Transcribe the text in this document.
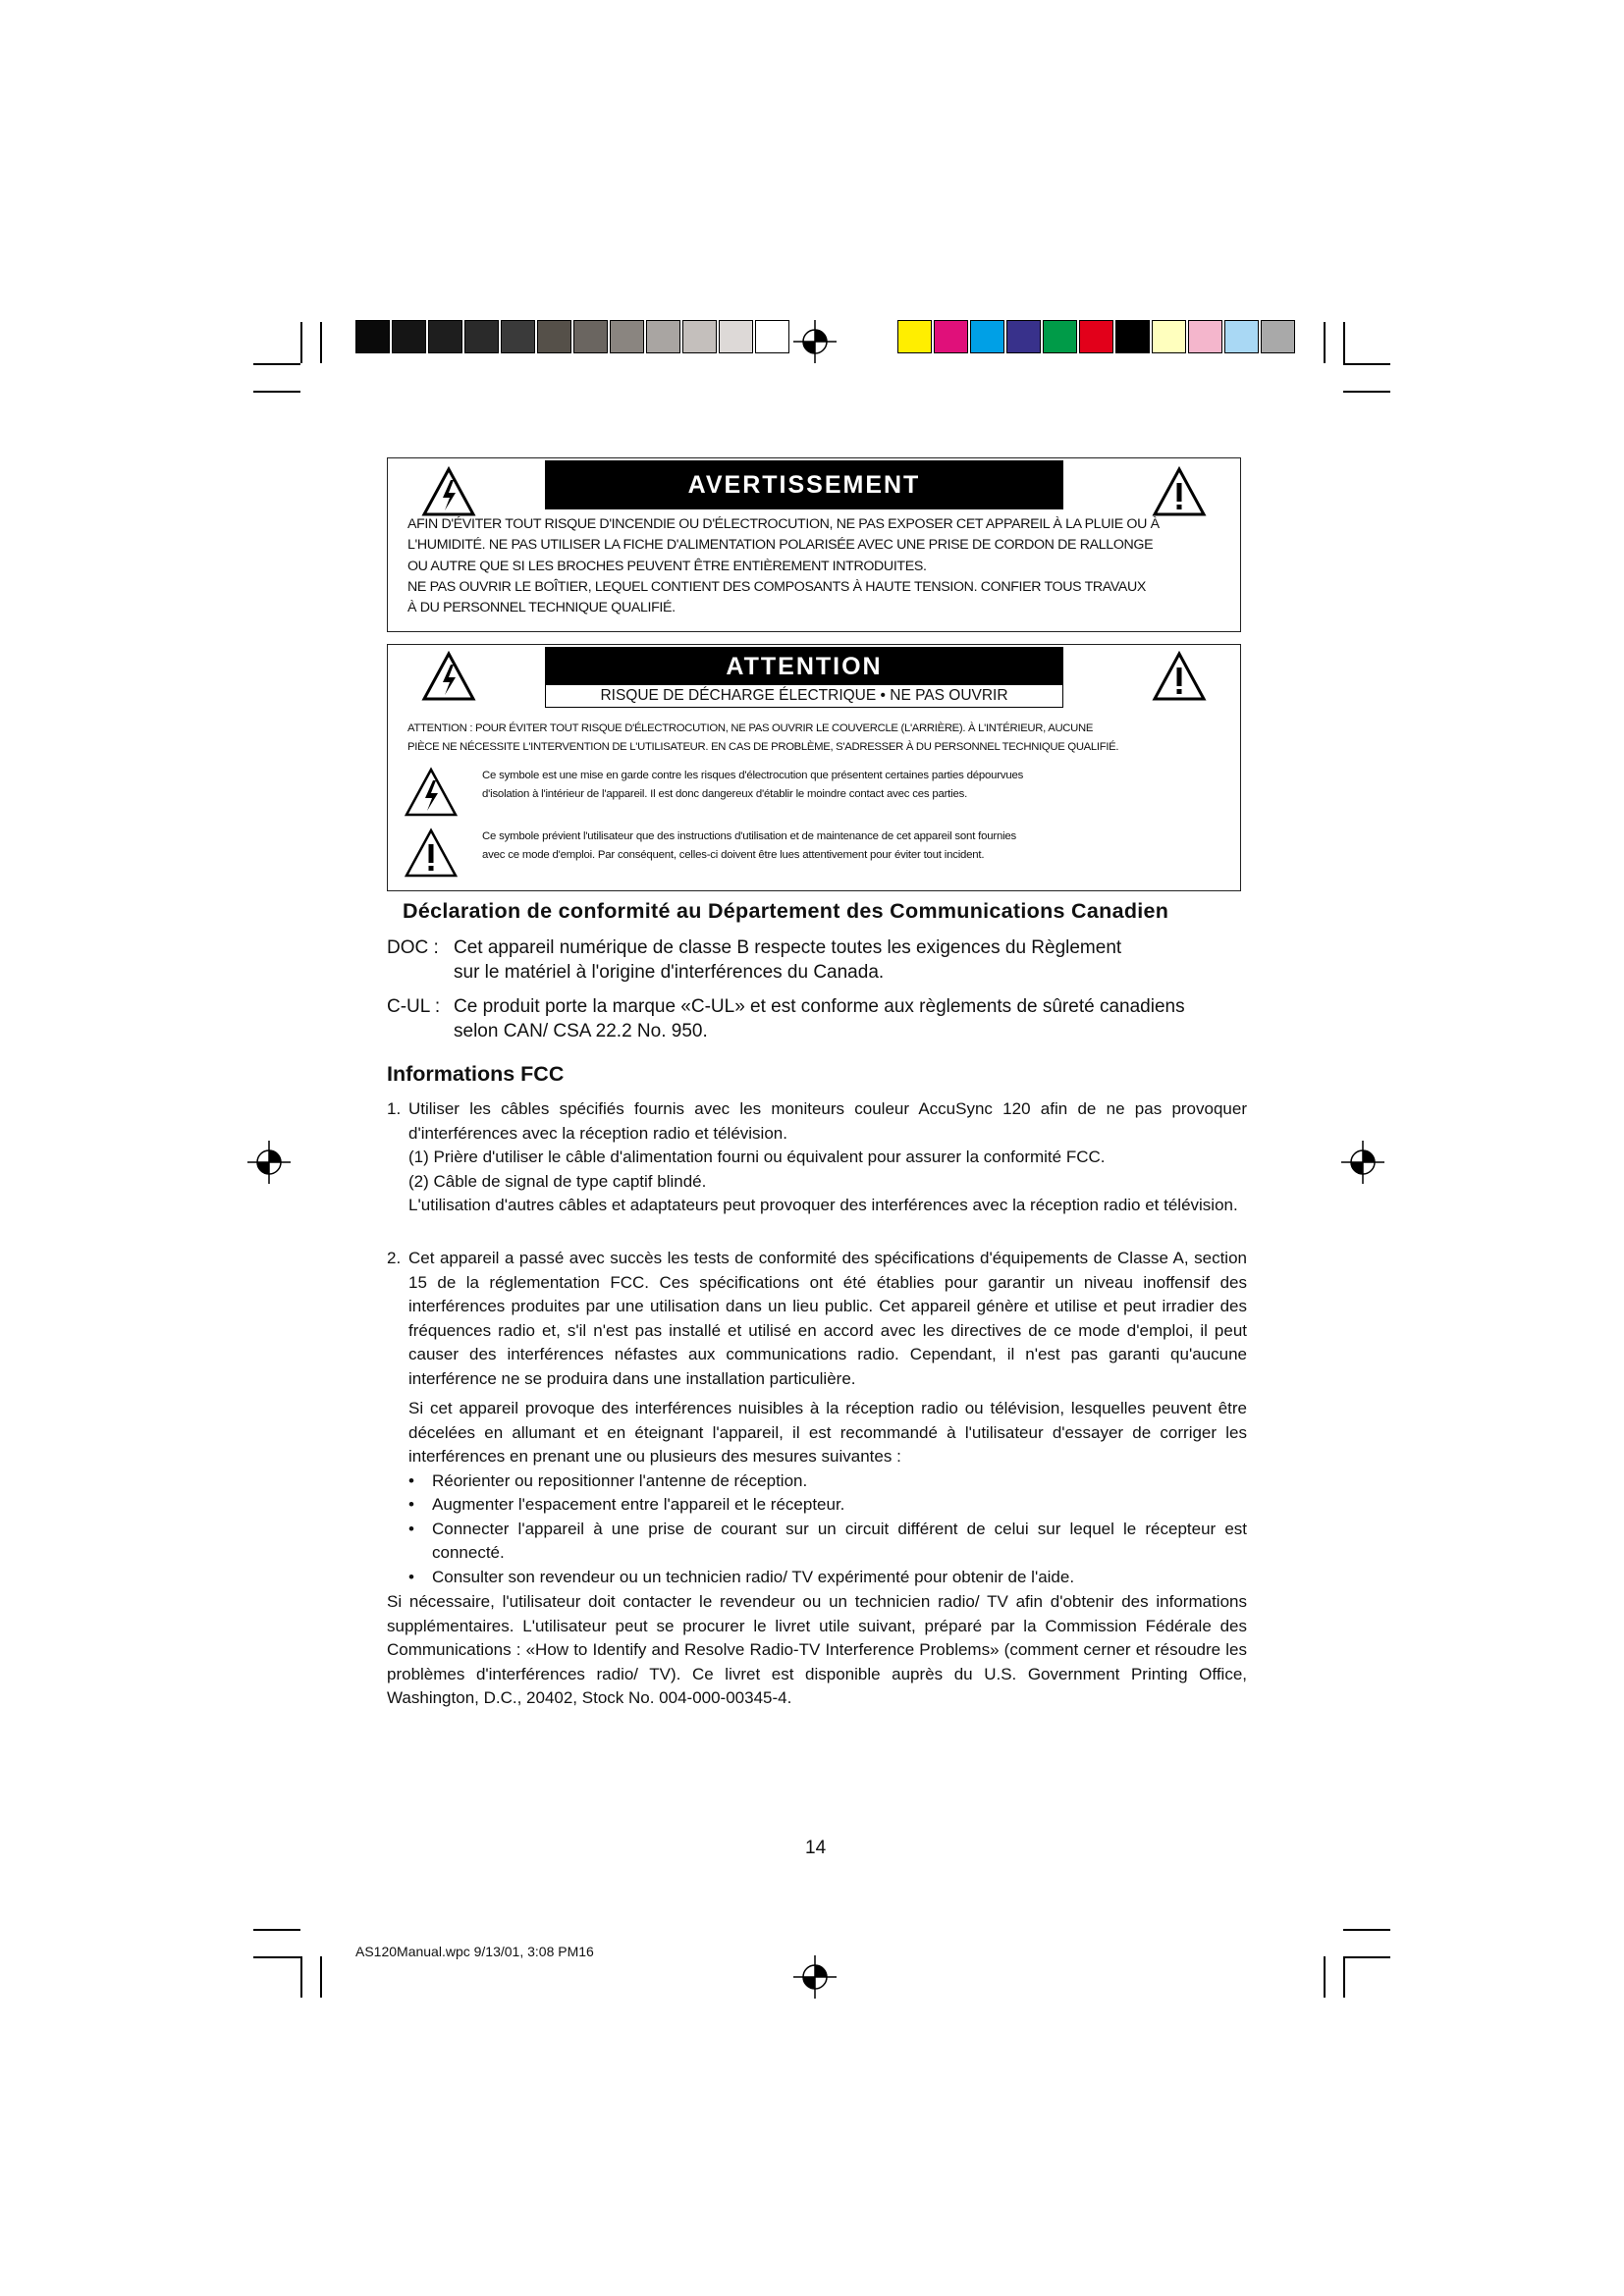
AVERTISSEMENT
AFIN D'ÉVITER TOUT RISQUE D'INCENDIE OU D'ÉLECTROCUTION, NE PAS EXPOSER CET APPAREIL À LA PLUIE OU À
L'HUMIDITÉ. NE PAS UTILISER LA FICHE D'ALIMENTATION POLARISÉE AVEC UNE PRISE DE CORDON DE RALLONGE
OU AUTRE QUE SI LES BROCHES PEUVENT ÊTRE ENTIÈREMENT INTRODUITES.
NE PAS OUVRIR LE BOÎTIER, LEQUEL CONTIENT DES COMPOSANTS À HAUTE TENSION. CONFIER TOUS TRAVAUX
À DU PERSONNEL TECHNIQUE QUALIFIÉ.
ATTENTION
RISQUE DE DÉCHARGE ÉLECTRIQUE • NE PAS OUVRIR
ATTENTION : POUR ÉVITER TOUT RISQUE D'ÉLECTROCUTION, NE PAS OUVRIR LE COUVERCLE (L'ARRIÈRE). À L'INTÉRIEUR, AUCUNE
PIÈCE NE NÉCESSITE L'INTERVENTION DE L'UTILISATEUR. EN CAS DE PROBLÈME, S'ADRESSER À DU PERSONNEL TECHNIQUE QUALIFIÉ.
Ce symbole est une mise en garde contre les risques d'électrocution que présentent certaines parties dépourvues
d'isolation à l'intérieur de l'appareil. Il est donc dangereux d'établir le moindre contact avec ces parties.
Ce symbole prévient l'utilisateur que des instructions d'utilisation et de maintenance de cet appareil sont fournies
avec ce mode d'emploi. Par conséquent, celles-ci doivent être lues attentivement pour éviter tout incident.
Déclaration de conformité au Département des Communications Canadien
DOC : Cet appareil numérique de classe B respecte toutes les exigences du Règlement
sur le matériel à l'origine d'interférences du Canada.
C-UL : Ce produit porte la marque «C-UL» et est conforme aux règlements de sûreté canadiens
selon CAN/ CSA 22.2 No. 950.
Informations FCC
1. Utiliser les câbles spécifiés fournis avec les moniteurs couleur AccuSync 120 afin de ne pas provoquer d'interférences avec la réception radio et télévision.
(1) Prière d'utiliser le câble d'alimentation fourni ou équivalent pour assurer la conformité FCC.
(2) Câble de signal de type captif blindé.
L'utilisation d'autres câbles et adaptateurs peut provoquer des interférences avec la réception radio et télévision.
2. Cet appareil a passé avec succès les tests de conformité des spécifications d'équipements de Classe A, section 15 de la réglementation FCC. Ces spécifications ont été établies pour garantir un niveau inoffensif des interférences produites par une utilisation dans un lieu public. Cet appareil génère et utilise et peut irradier des fréquences radio et, s'il n'est pas installé et utilisé en accord avec les directives de ce mode d'emploi, il peut causer des interférences néfastes aux communications radio. Cependant, il n'est pas garanti qu'aucune interférence ne se produira dans une installation particulière.
Si cet appareil provoque des interférences nuisibles à la réception radio ou télévision, lesquelles peuvent être décelées en allumant et en éteignant l'appareil, il est recommandé à l'utilisateur d'essayer de corriger les interférences en prenant une ou plusieurs des mesures suivantes :
• Réorienter ou repositionner l'antenne de réception.
• Augmenter l'espacement entre l'appareil et le récepteur.
• Connecter l'appareil à une prise de courant sur un circuit différent de celui sur lequel le récepteur est connecté.
• Consulter son revendeur ou un technicien radio/ TV expérimenté pour obtenir de l'aide.
Si nécessaire, l'utilisateur doit contacter le revendeur ou un technicien radio/ TV afin d'obtenir des informations supplémentaires. L'utilisateur peut se procurer le livret utile suivant, préparé par la Commission Fédérale des Communications : «How to Identify and Resolve Radio-TV Interference Problems» (comment cerner et résoudre les problèmes d'interférences radio/ TV). Ce livret est disponible auprès du U.S. Government Printing Office, Washington, D.C., 20402, Stock No. 004-000-00345-4.
14
AS120Manual.wpc 9/13/01, 3:08 PM16
